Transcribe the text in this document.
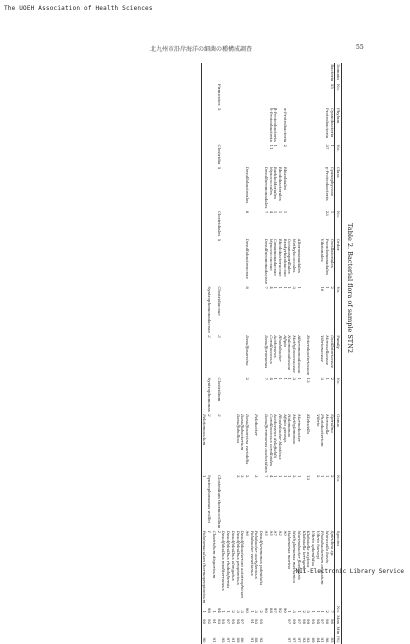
The UOEH Association of Health Sciences
北九州市沿岸海洋の細菌の種構成調査	55
Table 2. Bacterial flora of sample STN2
Domain	No.	Phylum	No.	Class	No.	Order	No.	Family	No.	Genus	No.	Species	No.	Max	Min (%)
Bacteria	55	Cyanobacteria	1	Cyanophyceae	1	Oscillatoriales	2	Oscillatoriaceae	2	Spirulina	2	Spirulina sp.	7	96	85
		Proteobacteria	37	γ-Proteobacteria	23	Pseudomonadales	1	Moraxellaceae	1	Moraxella	1	Moraxella bovis	2	98	98
						Vibrionales	16	Vibrionaceae	3	Photobacterium	1	Photobacterium angustum	1	97	91
										Vibrio	2	Vibrio harveyi	1	94	84
												Vibrio splendidus	1	95	89
								Enterobacteriaceae	13	Klebsiella	13	Klebsiella oxytoca	5	99	93
												Klebsiella terrigena	2	98	93
						Alteromonadales	1	Alteromonadaceae	1	Marinobacter	1	Marinobacter flavimaris	1	97	97
						Methylococcales	3	Methylococcaceae	3	Methylomonas	3	Methylomonas methanica	3	99	97
						Oceanospirillales	1	Halomonadaceae	1	Halomonas	1	Halomonas marina	1	97	97
		α-Proteobacteria	2	Rhizobiales	1	Bradyrhizobiaceae	1	Afipia	1	Afipia genosp.	1	90	90		
				Rhodobacterales	1	Rhodobacteraceae	1	Rhodobacter	1	Rhodobacter blasticus	1	92	92		
		β-Proteobacteria	1	Burkholderiales	1	Comamonadaceae	1	Acidovorax	1	Acidovorax delafieldii	1	97	97		
		δ-Proteobacteria	11	Myxococcales	4	Myxococcaceae	4	Corallococcus	4	Corallococcus coralloides	4	95	88		
				Desulfuromonadales	7	Desulfuromonadaceae	7	Desulfuromonas	7	Desulfuromonas acetoxidans	7	95	90		
												Desulfuromonas palmitatis	2	95	92
										Pelobacter	3	Pelobacter acetylenicus	3	93	88
												Pelobacter venetianus	1	91	91
				Desulfobacterales	8	Desulfobacteraceae	8	Desulfosarcina	2	Desulfosarcina variabilis	2	96	90		
										Desulfobacterium	3	Desulfobacterium autotrophicum	3	97	86
										Desulfobulbus	3	Desulfobulbus propionicus	3	94	89
												Desulfobulbus elongatus	2	95	91
												Desulfobulbus rhabdoformis	1	97	97
												Desulfobulbus mediterraneus	1	95	95
	Firmicutes	5	Clostridia	5	Clostridiales	5	Clostridiaceae	3	Clostridium	3	Clostridium thermocellum	2	94	93	
												Clostridium disporicum	1	91	91
							Syntrophomonadaceae	2	Syntrophomonas	2	Syntrophomonas wolfei	1	98	92	
										Pelotomaculum	1	Pelotomaculum thermopropionicum	1	90	90
NII-Electronic Library Service
